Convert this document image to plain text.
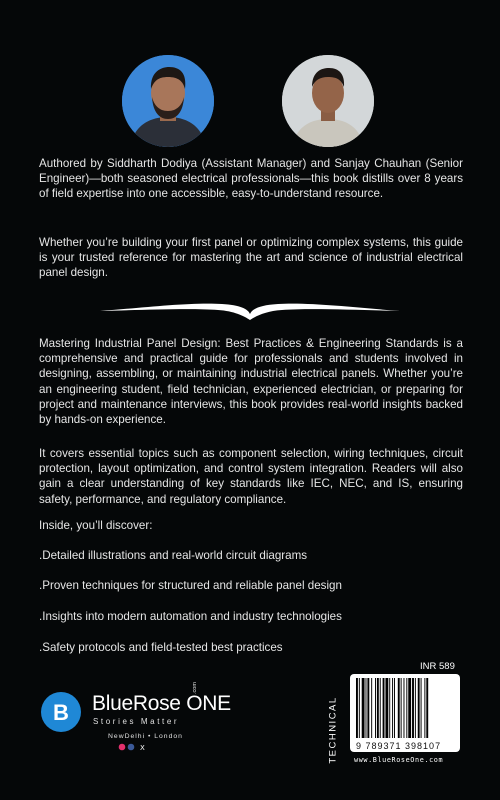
Authored by Siddharth Dodiya (Assistant Manager) and Sanjay Chauhan (Senior Engineer)—both seasoned electrical professionals—this book distills over 8 years of field expertise into one accessible, easy-to-understand resource.

Whether you’re building your first panel or optimizing complex systems, this guide is your trusted reference for mastering the art and science of industrial electrical panel design.

Mastering Industrial Panel Design: Best Practices & Engineering Standards is a comprehensive and practical guide for professionals and students involved in designing, assembling, or maintaining industrial electrical panels. Whether you’re an engineering student, field technician, experienced electrician, or preparing for project and maintenance interviews, this book provides real-world insights backed by hands-on experience.

It covers essential topics such as component selection, wiring techniques, circuit protection, layout optimization, and control system integration. Readers will also gain a clear understanding of key standards like IEC, NEC, and IS, ensuring safety, performance, and regulatory compliance.

Inside, you’ll discover:

.Detailed illustrations and real-world circuit diagrams

.Proven techniques for structured and reliable panel design

.Insights into modern automation and industry technologies

.Safety protocols and field-tested best practices

B BlueRose ONE
.com
Stories Matter
NewDelhi • London
X
INR 589
TECHNICAL 9 789371 398107
www.BlueRoseOne.com
